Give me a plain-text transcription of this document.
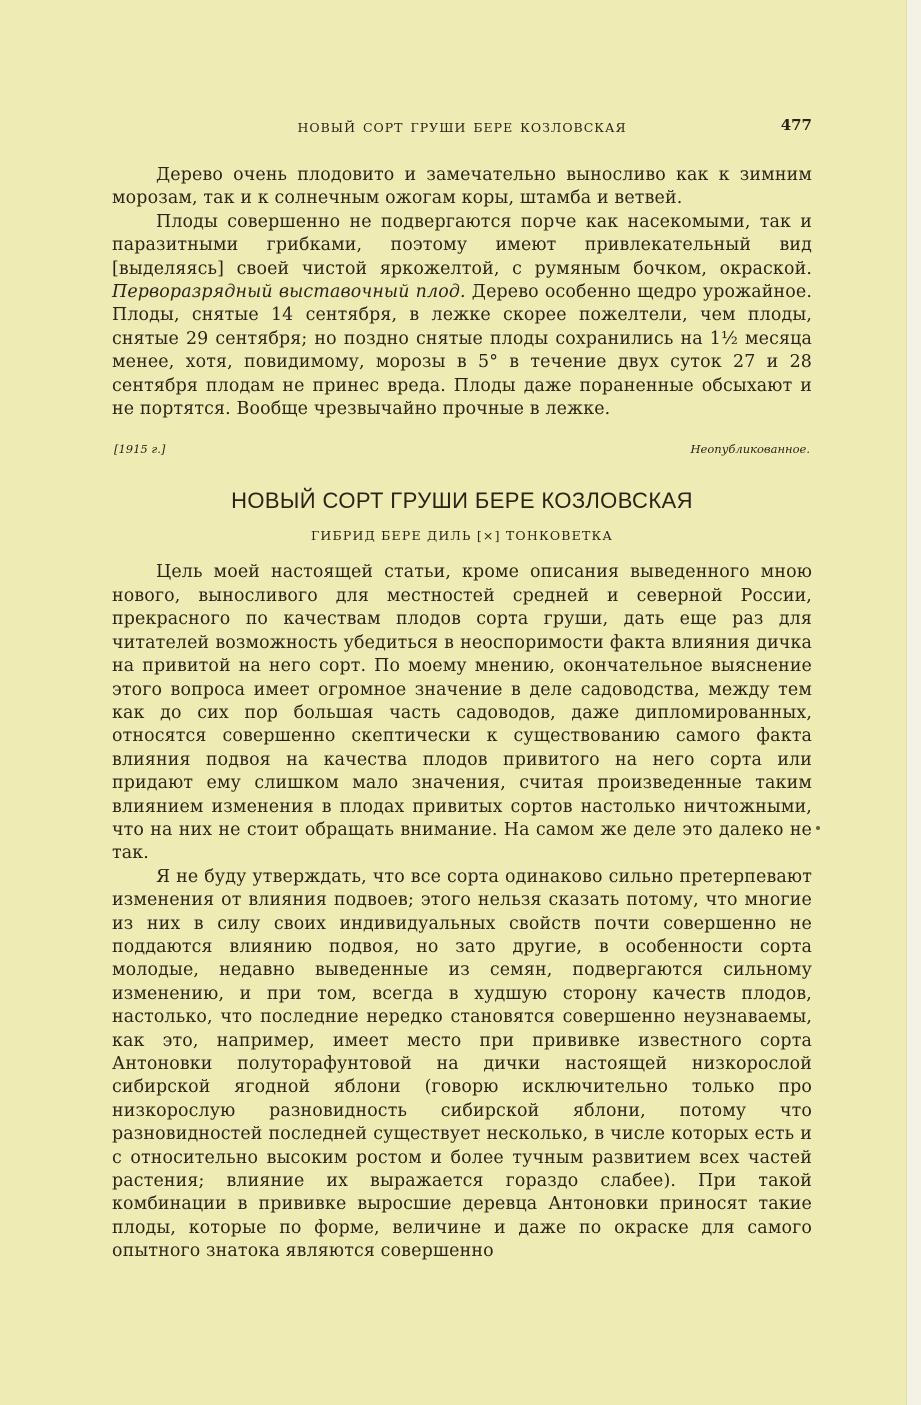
НОВЫЙ СОРТ ГРУШИ БЕРЕ КОЗЛОВСКАЯ	477

Дерево очень плодовито и замечательно выносливо как к зимним морозам, так и к солнечным ожогам коры, штамба и ветвей.

Плоды совершенно не подвергаются порче как насекомыми, так и паразитными грибками, поэтому имеют привлекательный вид [выделяясь] своей чистой яркожелтой, с румяным бочком, окраской. Перворазрядный выставочный плод. Дерево особенно щедро урожайное. Плоды, снятые 14 сентября, в лежке скорее пожелтели, чем плоды, снятые 29 сентября; но поздно снятые плоды сохранились на 1½ месяца менее, хотя, повидимому, морозы в 5° в течение двух суток 27 и 28 сентября плодам не принес вреда. Плоды даже пораненные обсыхают и не портятся. Вообще чрезвычайно прочные в лежке.

[1915 г.]	Неопубликованное.
НОВЫЙ СОРТ ГРУШИ БЕРЕ КОЗЛОВСКАЯ
ГИБРИД БЕРЕ ДИЛЬ [×] ТОНКОВЕТКА

Цель моей настоящей статьи, кроме описания выведенного мною нового, выносливого для местностей средней и северной России, прекрасного по качествам плодов сорта груши, дать еще раз для читателей возможность убедиться в неоспоримости факта влияния дичка на привитой на него сорт. По моему мнению, окончательное выяснение этого вопроса имеет огромное значение в деле садоводства, между тем как до сих пор большая часть садоводов, даже дипломированных, относятся совершенно скептически к существованию самого факта влияния подвоя на качества плодов привитого на него сорта или придают ему слишком мало значения, считая произведенные таким влиянием изменения в плодах привитых сортов настолько ничтожными, что на них не стоит обращать внимание. На самом же деле это далеко не так.

Я не буду утверждать, что все сорта одинаково сильно претерпевают изменения от влияния подвоев; этого нельзя сказать потому, что многие из них в силу своих индивидуальных свойств почти совершенно не поддаются влиянию подвоя, но зато другие, в особенности сорта молодые, недавно выведенные из семян, подвергаются сильному изменению, и при том, всегда в худшую сторону качеств плодов, настолько, что последние нередко становятся совершенно неузнаваемы, как это, например, имеет место при прививке известного сорта Антоновки полуторафунтовой на дички настоящей низкорослой сибирской ягодной яблони (говорю исключительно только про низкорослую разновидность сибирской яблони, потому что разновидностей последней существует несколько, в числе которых есть и с относительно высоким ростом и более тучным развитием всех частей растения; влияние их выражается гораздо слабее). При такой комбинации в прививке выросшие деревца Антоновки приносят такие плоды, которые по форме, величине и даже по окраске для самого опытного знатока являются совершенно
